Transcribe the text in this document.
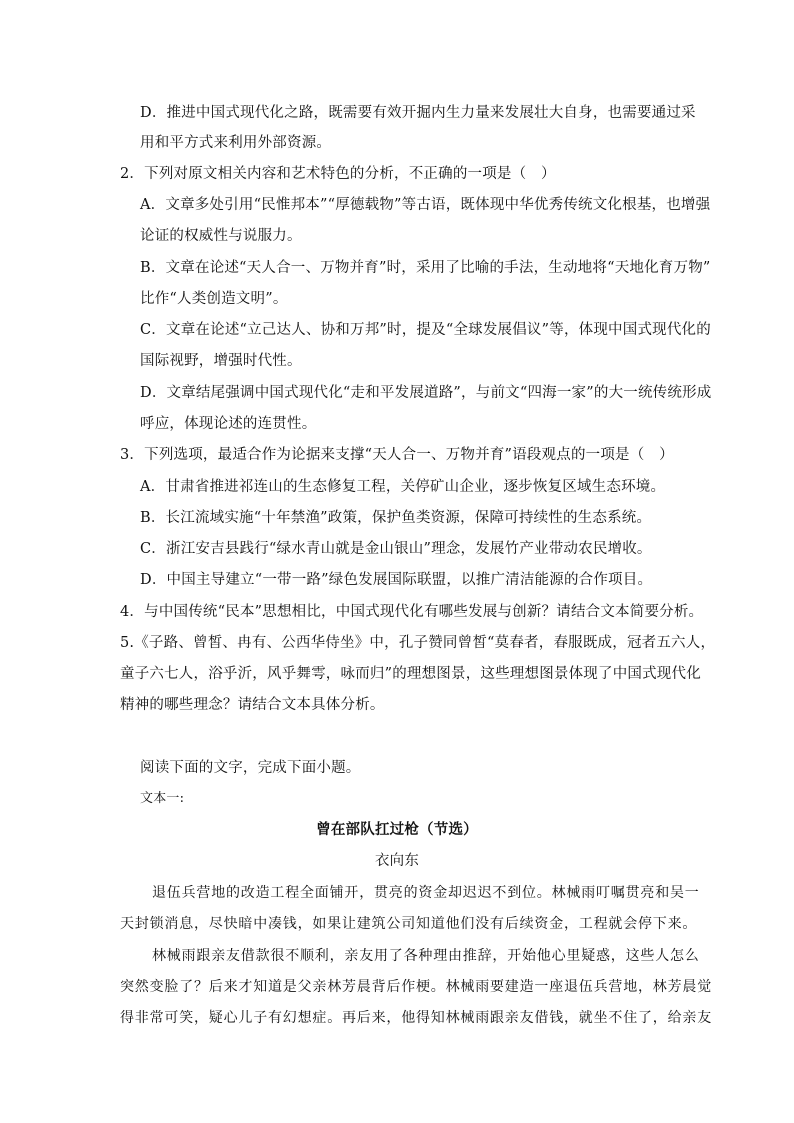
D．推进中国式现代化之路，既需要有效开掘内生力量来发展壮大自身，也需要通过采
用和平方式来利用外部资源。
2．下列对原文相关内容和艺术特色的分析，不正确的一项是（　）
A．文章多处引用“民惟邦本”“厚德载物”等古语，既体现中华优秀传统文化根基，也增强
论证的权威性与说服力。
B．文章在论述“天人合一、万物并育”时，采用了比喻的手法，生动地将“天地化育万物”
比作“人类创造文明”。
C．文章在论述“立己达人、协和万邦”时，提及“全球发展倡议”等，体现中国式现代化的
国际视野，增强时代性。
D．文章结尾强调中国式现代化“走和平发展道路”，与前文“四海一家”的大一统传统形成
呼应，体现论述的连贯性。
3．下列选项，最适合作为论据来支撑“天人合一、万物并育”语段观点的一项是（　）
A．甘肃省推进祁连山的生态修复工程，关停矿山企业，逐步恢复区域生态环境。
B．长江流域实施“十年禁渔”政策，保护鱼类资源，保障可持续性的生态系统。
C．浙江安吉县践行“绿水青山就是金山银山”理念，发展竹产业带动农民增收。
D．中国主导建立“一带一路”绿色发展国际联盟，以推广清洁能源的合作项目。
4．与中国传统“民本”思想相比，中国式现代化有哪些发展与创新？请结合文本简要分析。
5.《子路、曾皙、冉有、公西华侍坐》中，孔子赞同曾皙“莫春者，春服既成，冠者五六人，
童子六七人，浴乎沂，风乎舞雩，咏而归”的理想图景，这些理想图景体现了中国式现代化
精神的哪些理念？请结合文本具体分析。
阅读下面的文字，完成下面小题。
文本一:
曾在部队扛过枪（节选）
衣向东
退伍兵营地的改造工程全面铺开，贯亮的资金却迟迟不到位。林械雨叮嘱贯亮和吴一
天封锁消息，尽快暗中凑钱，如果让建筑公司知道他们没有后续资金，工程就会停下来。
林械雨跟亲友借款很不顺利，亲友用了各种理由推辞，开始他心里疑惑，这些人怎么
突然变脸了？后来才知道是父亲林芳晨背后作梗。林械雨要建造一座退伍兵营地，林芳晨觉
得非常可笑，疑心儿子有幻想症。再后来，他得知林械雨跟亲友借钱，就坐不住了，给亲友
